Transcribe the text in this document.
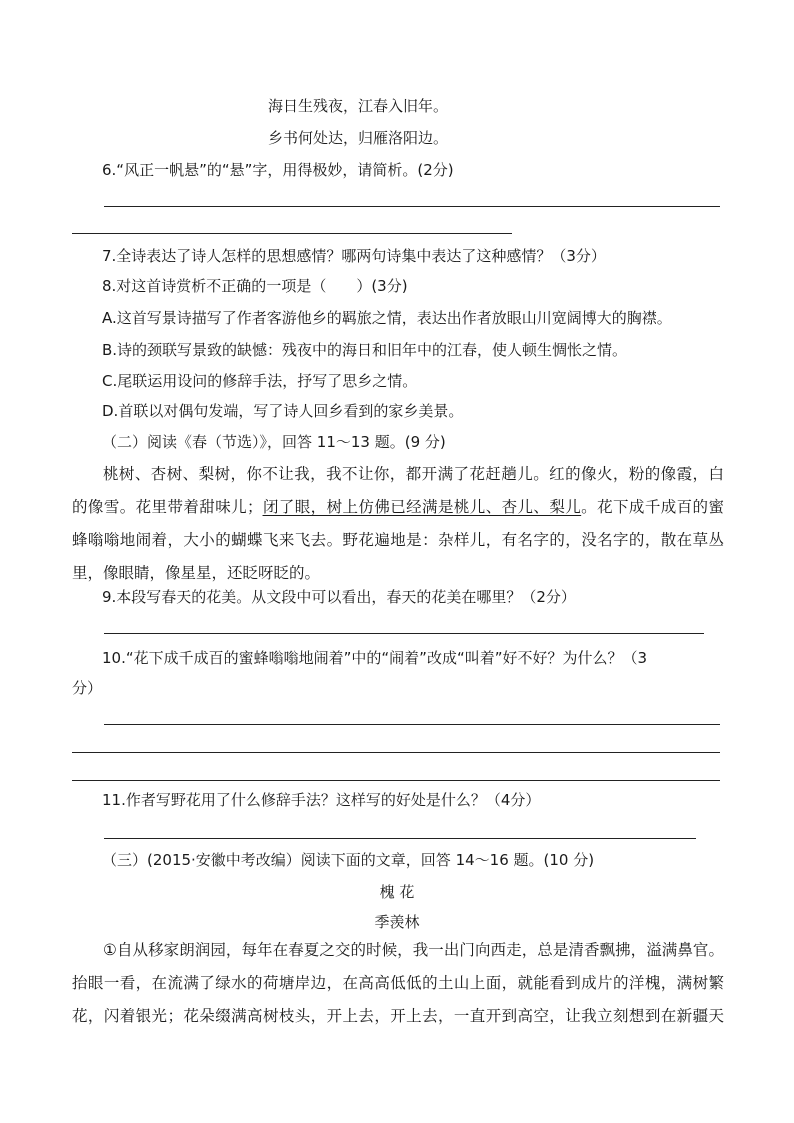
海日生残夜，江春入旧年。
乡书何处达，归雁洛阳边。
6.“风正一帆悬”的“悬”字，用得极妙，请简析。(2分)
7.全诗表达了诗人怎样的思想感情？哪两句诗集中表达了这种感情？（3分）
8.对这首诗赏析不正确的一项是（　　）(3分)
A.这首写景诗描写了作者客游他乡的羁旅之情，表达出作者放眼山川宽阔博大的胸襟。
B.诗的颈联写景致的缺憾：残夜中的海日和旧年中的江春，使人顿生惆怅之情。
C.尾联运用设问的修辞手法，抒写了思乡之情。
D.首联以对偶句发端，写了诗人回乡看到的家乡美景。
（二）阅读《春（节选）》，回答 11～13 题。(9 分)

桃树、杏树、梨树，你不让我，我不让你，都开满了花赶趟儿。红的像火，粉的像霞，白

的像雪。花里带着甜味儿；闭了眼，树上仿佛已经满是桃儿、杏儿、梨儿。花下成千成百的蜜

蜂嗡嗡地闹着，大小的蝴蝶飞来飞去。野花遍地是：杂样儿，有名字的，没名字的，散在草丛

里，像眼睛，像星星，还眨呀眨的。

9.本段写春天的花美。从文段中可以看出，春天的花美在哪里？（2分）
10.“花下成千成百的蜜蜂嗡嗡地闹着”中的“闹着”改成“叫着”好不好？为什么？（3
分）
11.作者写野花用了什么修辞手法？这样写的好处是什么？（4分）
（三）(2015·安徽中考改编）阅读下面的文章，回答 14～16 题。(10 分)
槐 花
季羡林

①自从移家朗润园，每年在春夏之交的时候，我一出门向西走，总是清香飘拂，溢满鼻官。

抬眼一看，在流满了绿水的荷塘岸边，在高高低低的土山上面，就能看到成片的洋槐，满树繁

花，闪着银光；花朵缀满高树枝头，开上去，开上去，一直开到高空，让我立刻想到在新疆天
